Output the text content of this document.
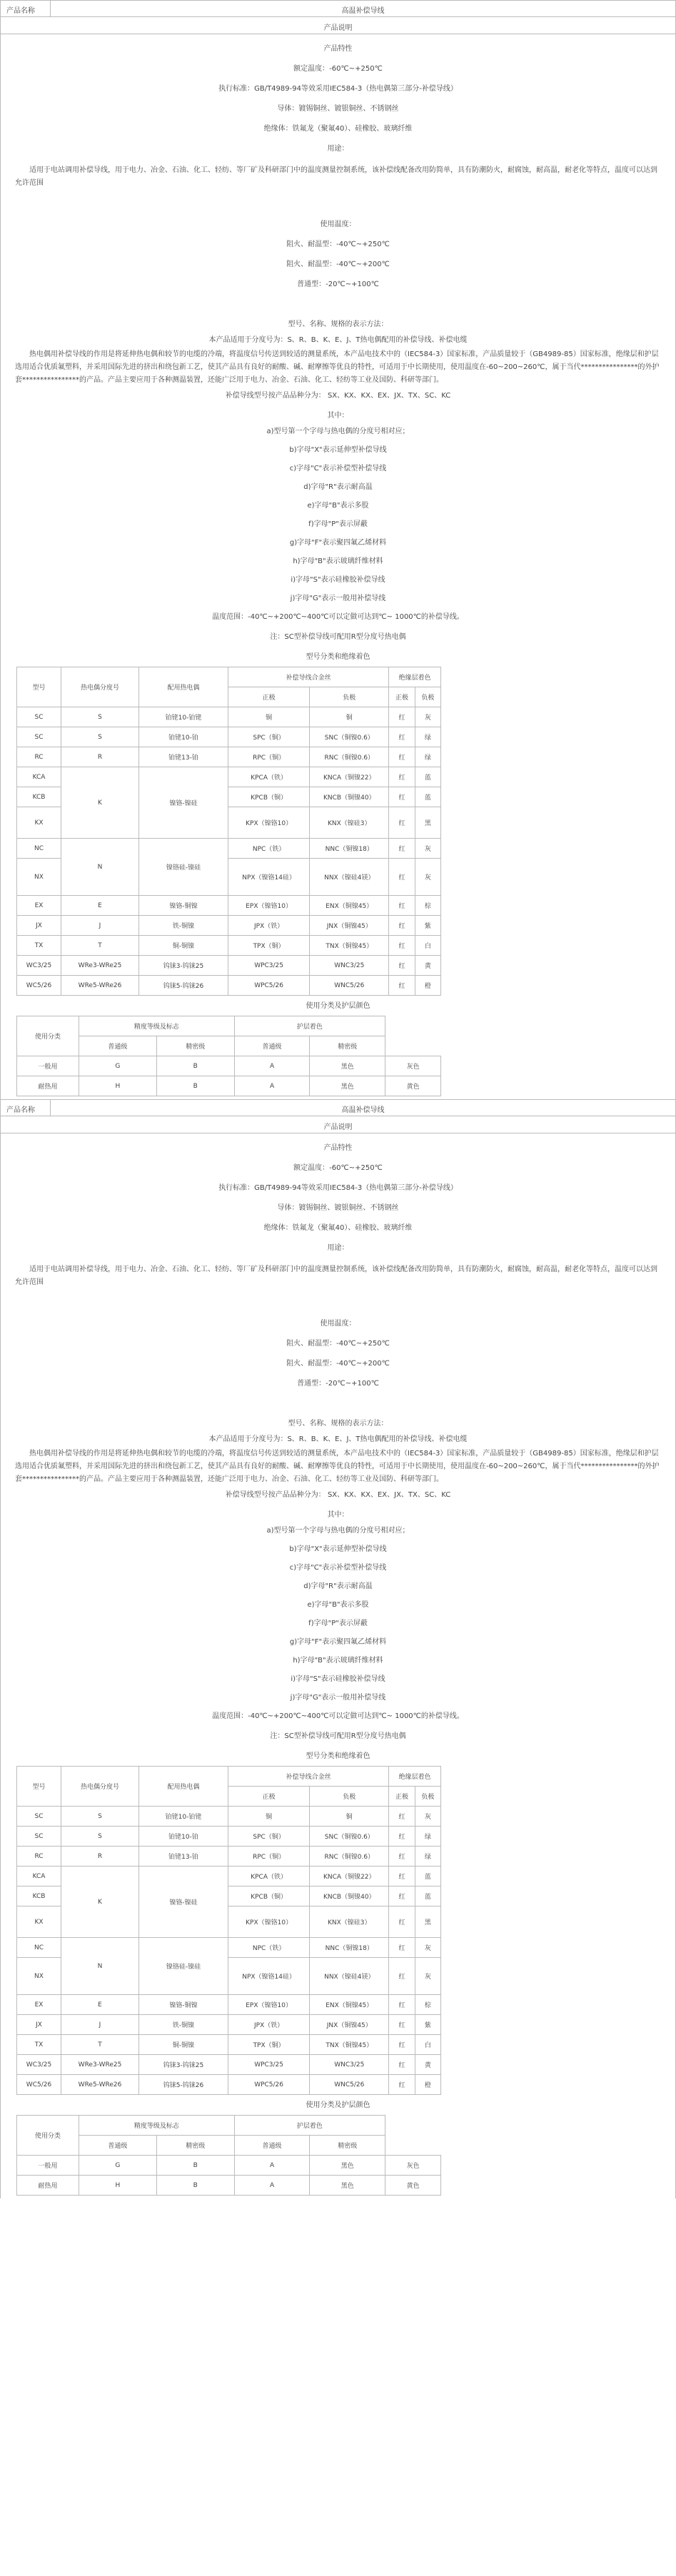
产品名称	高温补偿导线
产品说明
产品特性
额定温度：-60℃~+250℃
执行标准：GB/T4989-94等效采用IEC584-3（热电偶第三部分-补偿导线）
导体：镀锡铜丝、镀银铜丝、不锈钢丝
绝缘体：铁氟龙（聚氟40）、硅橡胶、玻璃纤维
用途：
适用于电站调用补偿导线，用于电力、冶金、石油、化工、轻纺、等厂矿及科研部门中的温度测量控制系统，该补偿线配备改用防简单，具有防潮防火，耐腐蚀，耐高温，耐老化等特点，温度可以达到允许范围
使用温度：
阻火、耐温型：-40℃~+250℃
阻火、耐温型：-40℃~+200℃
普通型：-20℃~+100℃
型号、名称、规格的表示方法：
本产品适用于分度号为：S、R、B、K、E、J、T热电偶配用的补偿导线、补偿电缆
热电偶用补偿导线的作用是将延伸热电偶和较节的电缆的冷端，将温度信号传送到较适的测量系统，本产品电技术中的（IEC584-3）国家标准，产品质量较于（GB4989-85）国家标准，绝缘层和护层选用适合优质氟塑料，并采用国际先进的挤出和绕包新工艺，使其产品具有良好的耐酸、碱、耐摩擦等优良的特性，可适用于中长期使用，使用温度在-60~200~260℃，属于当代****************的外护套****************的产品。产品主要应用于各种测温装置，还能广泛用于电力、冶金、石油、化工、轻纺等工业及国防、科研等部门。
补偿导线型号按产品品种分为： SX、KX、KX、EX、JX、TX、SC、KC
其中：
a)型号第一个字母与热电偶的分度号相对应；
b)字母"X"表示延伸型补偿导线
c)字母"C"表示补偿型补偿导线
d)字母"R"表示耐高温
e)字母"B"表示多股
f)字母"P"表示屏蔽
g)字母"F"表示聚四氟乙烯材料
h)字母"B"表示玻璃纤维材料
i)字母"S"表示硅橡胶补偿导线
j)字母"G"表示一般用补偿导线
温度范围：-40℃~+200℃~400℃可以定做可达到℃~ 1000℃的补偿导线。
注：SC型补偿导线可配用R型分度号热电偶
型号分类和绝缘着色
型号	热电偶分度号	配用热电偶	补偿导线合金丝		绝缘层着色	
			正极	负极	正极	负极
SC	S	铂铑10-铂铑	铜	铜	红	灰
SC	S	铂铑10-铂	SPC（铜）	SNC（铜镍0.6）	红	绿
RC	R	铂铑13-铂	RPC（铜）	RNC（铜镍0.6）	红	绿
KCA	K	镍铬-镍硅	KPCA（铁）	KNCA（铜镍22）	红	蓝
KCB			KPCB（铜）	KNCB（铜镍40）	红	蓝
KX			KPX（镍铬10）	KNX（镍硅3）	红	黑
NC	N	镍铬硅-镍硅	NPC（铁）	NNC（铜镍18）	红	灰
NX			NPX（镍铬14硅）	NNX（镍硅4镁）	红	灰
EX	E	镍铬-铜镍	EPX（镍铬10）	ENX（铜镍45）	红	棕
JX	J	铁-铜镍	JPX（铁）	JNX（铜镍45）	红	紫
TX	T	铜-铜镍	TPX（铜）	TNX（铜镍45）	红	白
WC3/25	WRe3-WRe25	钨铼3-钨铼25	WPC3/25	WNC3/25	红	黄
WC5/26	WRe5-WRe26	钨铼5-钨铼26	WPC5/26	WNC5/26	红	橙
使用分类及护层颜色
使用分类	精度等级及标志		护层着色		
	普通级	精密级	普通级	精密级	
一般用	G	B	A	黑色	灰色
耐热用	H	B	A	黑色	黄色
产品名称	高温补偿导线
产品说明
产品特性
额定温度：-60℃~+250℃
执行标准：GB/T4989-94等效采用IEC584-3（热电偶第三部分-补偿导线）
导体：镀锡铜丝、镀银铜丝、不锈钢丝
绝缘体：铁氟龙（聚氟40）、硅橡胶、玻璃纤维
用途：
适用于电站调用补偿导线，用于电力、冶金、石油、化工、轻纺、等厂矿及科研部门中的温度测量控制系统，该补偿线配备改用防简单，具有防潮防火，耐腐蚀，耐高温，耐老化等特点，温度可以达到允许范围
使用温度：
阻火、耐温型：-40℃~+250℃
阻火、耐温型：-40℃~+200℃
普通型：-20℃~+100℃
型号、名称、规格的表示方法：
本产品适用于分度号为：S、R、B、K、E、J、T热电偶配用的补偿导线、补偿电缆
热电偶用补偿导线的作用是将延伸热电偶和较节的电缆的冷端，将温度信号传送到较适的测量系统，本产品电技术中的（IEC584-3）国家标准，产品质量较于（GB4989-85）国家标准，绝缘层和护层选用适合优质氟塑料，并采用国际先进的挤出和绕包新工艺，使其产品具有良好的耐酸、碱、耐摩擦等优良的特性，可适用于中长期使用，使用温度在-60~200~260℃，属于当代****************的外护套****************的产品。产品主要应用于各种测温装置，还能广泛用于电力、冶金、石油、化工、轻纺等工业及国防、科研等部门。
补偿导线型号按产品品种分为： SX、KX、KX、EX、JX、TX、SC、KC
其中：
a)型号第一个字母与热电偶的分度号相对应；
b)字母"X"表示延伸型补偿导线
c)字母"C"表示补偿型补偿导线
d)字母"R"表示耐高温
e)字母"B"表示多股
f)字母"P"表示屏蔽
g)字母"F"表示聚四氟乙烯材料
h)字母"B"表示玻璃纤维材料
i)字母"S"表示硅橡胶补偿导线
j)字母"G"表示一般用补偿导线
温度范围：-40℃~+200℃~400℃可以定做可达到℃~ 1000℃的补偿导线。
注：SC型补偿导线可配用R型分度号热电偶
型号分类和绝缘着色
型号	热电偶分度号	配用热电偶	补偿导线合金丝		绝缘层着色	
			正极	负极	正极	负极
SC	S	铂铑10-铂铑	铜	铜	红	灰
SC	S	铂铑10-铂	SPC（铜）	SNC（铜镍0.6）	红	绿
RC	R	铂铑13-铂	RPC（铜）	RNC（铜镍0.6）	红	绿
KCA	K	镍铬-镍硅	KPCA（铁）	KNCA（铜镍22）	红	蓝
KCB			KPCB（铜）	KNCB（铜镍40）	红	蓝
KX			KPX（镍铬10）	KNX（镍硅3）	红	黑
NC	N	镍铬硅-镍硅	NPC（铁）	NNC（铜镍18）	红	灰
NX			NPX（镍铬14硅）	NNX（镍硅4镁）	红	灰
EX	E	镍铬-铜镍	EPX（镍铬10）	ENX（铜镍45）	红	棕
JX	J	铁-铜镍	JPX（铁）	JNX（铜镍45）	红	紫
TX	T	铜-铜镍	TPX（铜）	TNX（铜镍45）	红	白
WC3/25	WRe3-WRe25	钨铼3-钨铼25	WPC3/25	WNC3/25	红	黄
WC5/26	WRe5-WRe26	钨铼5-钨铼26	WPC5/26	WNC5/26	红	橙
使用分类及护层颜色
使用分类	精度等级及标志		护层着色		
	普通级	精密级	普通级	精密级	
一般用	G	B	A	黑色	灰色
耐热用	H	B	A	黑色	黄色
